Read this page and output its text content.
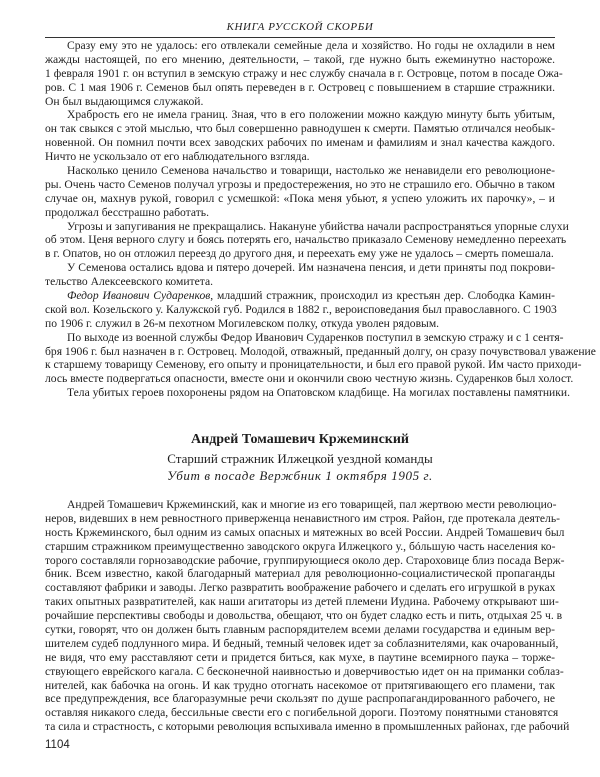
КНИГА РУССКОЙ СКОРБИ
Сразу ему это не удалось: его отвлекали семейные дела и хозяйство. Но годы не охладили в нем
жажды настоящей, по его мнению, деятельности, – такой, где нужно быть ежеминутно настороже.
1 февраля 1901 г. он вступил в земскую стражу и нес службу сначала в г. Островце, потом в посаде Ожа-
ров. С 1 мая 1906 г. Семенов был опять переведен в г. Островец с повышением в старшие стражники.
Он был выдающимся служакой.
Храбрость его не имела границ. Зная, что в его положении можно каждую минуту быть убитым,
он так свыкся с этой мыслью, что был совершенно равнодушен к смерти. Памятью отличался необык-
новенной. Он помнил почти всех заводских рабочих по именам и фамилиям и знал качества каждого.
Ничто не ускользало от его наблюдательного взгляда.
Насколько ценило Семенова начальство и товарищи, настолько же ненавидели его революционе-
ры. Очень часто Семенов получал угрозы и предостережения, но это не страшило его. Обычно в таком
случае он, махнув рукой, говорил с усмешкой: «Пока меня убьют, я успею уложить их парочку», – и
продолжал бесстрашно работать.
Угрозы и запугивания не прекращались. Накануне убийства начали распространяться упорные слухи
об этом. Ценя верного слугу и боясь потерять его, начальство приказало Семенову немедленно переехать
в г. Опатов, но он отложил переезд до другого дня, и переехать ему уже не удалось – смерть помешала.
У Семенова остались вдова и пятеро дочерей. Им назначена пенсия, и дети приняты под покрови-
тельство Алексеевского комитета.
Федор Иванович Сударенков, младший стражник, происходил из крестьян дер. Слободка Камин-
ской вол. Козельского у. Калужской губ. Родился в 1882 г., вероисповедания был православного. С 1903
по 1906 г. служил в 26-м пехотном Могилевском полку, откуда уволен рядовым.
По выходе из военной службы Федор Иванович Сударенков поступил в земскую стражу и с 1 сентя-
бря 1906 г. был назначен в г. Островец. Молодой, отважный, преданный долгу, он сразу почувствовал уважение
к старшему товарищу Семенову, его опыту и проницательности, и был его правой рукой. Им часто приходи-
лось вместе подвергаться опасности, вместе они и окончили свою честную жизнь. Сударенков был холост.
Тела убитых героев похоронены рядом на Опатовском кладбище. На могилах поставлены памятники.
Андрей Томашевич Кржеминский
Старший стражник Илжецкой уездной команды
Убит в посаде Вержбник 1 октября 1905 г.
Андрей Томашевич Кржеминский, как и многие из его товарищей, пал жертвою мести революцио-
неров, видевших в нем ревностного приверженца ненавистного им строя. Район, где протекала деятель-
ность Кржеминского, был одним из самых опасных и мятежных во всей России. Андрей Томашевич был
старшим стражником преимущественно заводского округа Илжецкого у., бóльшую часть населения ко-
торого составляли горнозаводские рабочие, группирующиеся около дер. Староховице близ посада Верж-
бник. Всем известно, какой благодарный материал для революционно-социалистической пропаганды
составляют фабрики и заводы. Легко развратить воображение рабочего и сделать его игрушкой в руках
таких опытных развратителей, как наши агитаторы из детей племени Иудина. Рабочему открывают ши-
рочайшие перспективы свободы и довольства, обещают, что он будет сладко есть и пить, отдыхая 25 ч. в
сутки, говорят, что он должен быть главным распорядителем всеми делами государства и единым вер-
шителем судеб подлунного мира. И бедный, темный человек идет за соблазнителями, как очарованный,
не видя, что ему расставляют сети и придется биться, как мухе, в паутине всемирного паука – торже-
ствующего еврейского кагала. С бесконечной наивностью и доверчивостью идет он на приманки соблаз-
нителей, как бабочка на огонь. И как трудно отогнать насекомое от притягивающего его пламени, так
все предупреждения, все благоразумные речи скользят по душе распропагандированного рабочего, не
оставляя никакого следа, бессильные свести его с погибельной дороги. Поэтому понятными становятся
та сила и страстность, с которыми революция вспыхивала именно в промышленных районах, где рабочий
1104
